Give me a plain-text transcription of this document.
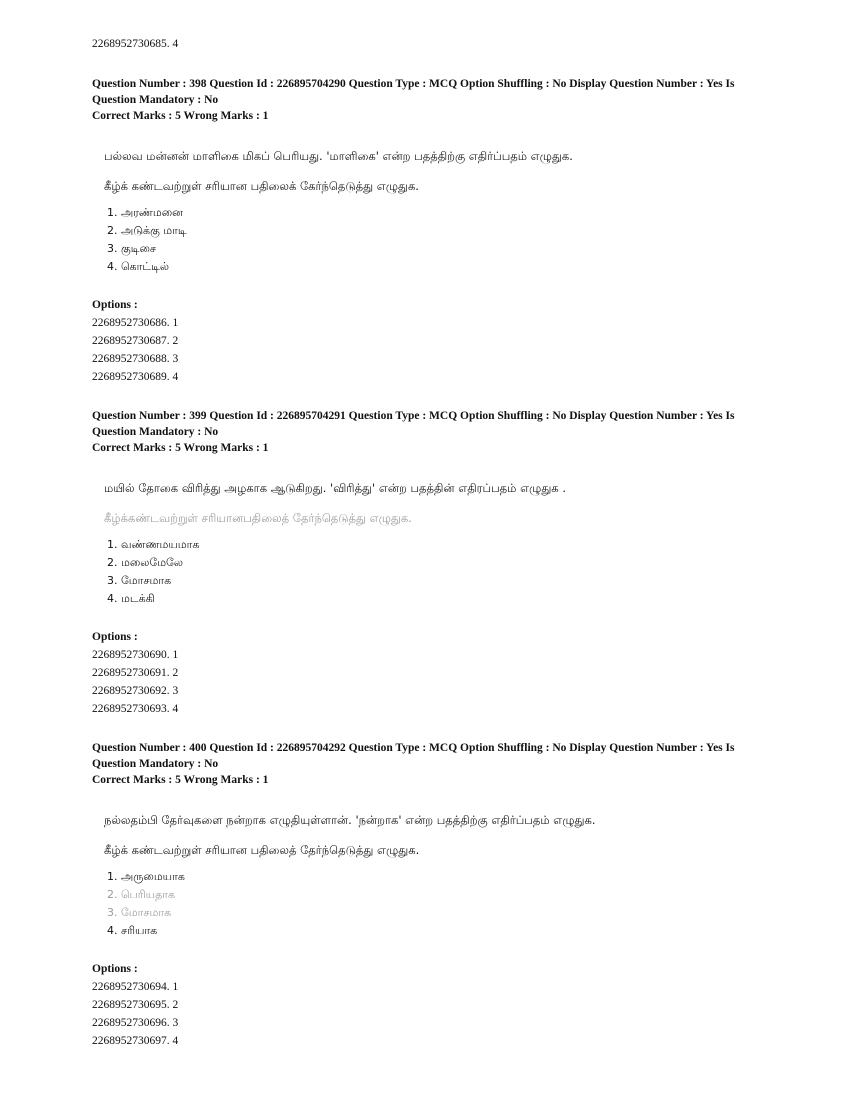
2268952730685. 4
Question Number : 398 Question Id : 226895704290 Question Type : MCQ Option Shuffling : No Display Question Number : Yes Is
Question Mandatory : No
Correct Marks : 5 Wrong Marks : 1
பல்லவ மன்னன் மாளிகை மிகப் பெரியது. 'மாளிகை' என்ற பதத்திற்கு எதிர்ப்பதம் எழுதுக.
கீழ்க் கண்டவற்றுள் சரியான பதிலைக் கேர்ந்தெடுத்து எழுதுக.
1. அரண்மனை
2. அடுக்கு மாடி
3. குடிசை
4. கொட்டில்
Options :
2268952730686. 1
2268952730687. 2
2268952730688. 3
2268952730689. 4
Question Number : 399 Question Id : 226895704291 Question Type : MCQ Option Shuffling : No Display Question Number : Yes Is
Question Mandatory : No
Correct Marks : 5 Wrong Marks : 1
மயில் தோகை விரித்து அழகாக ஆடுகிறது. 'விரித்து' என்ற பதத்தின் எதிரப்பதம் எழுதுக .
கீழ்க்கண்டவற்றுள் சரியானபதிலைத் தேர்ந்தெடுத்து எழுதுக.
1. வண்ணமயமாக
2. மலைமேலே
3. மோசமாக
4. மடக்கி
Options :
2268952730690. 1
2268952730691. 2
2268952730692. 3
2268952730693. 4
Question Number : 400 Question Id : 226895704292 Question Type : MCQ Option Shuffling : No Display Question Number : Yes Is
Question Mandatory : No
Correct Marks : 5 Wrong Marks : 1
நல்லதம்பி தேர்வுகளை நன்றாக எழுதியுள்ளான். 'நன்றாக' என்ற பதத்திற்கு எதிர்ப்பதம் எழுதுக.
கீழ்க் கண்டவற்றுள் சரியான பதிலைத் தேர்ந்தெடுத்து எழுதுக.
1. அருமையாக
2. பெரியதாக
3. மோசமாக
4. சரியாக
Options :
2268952730694. 1
2268952730695. 2
2268952730696. 3
2268952730697. 4
